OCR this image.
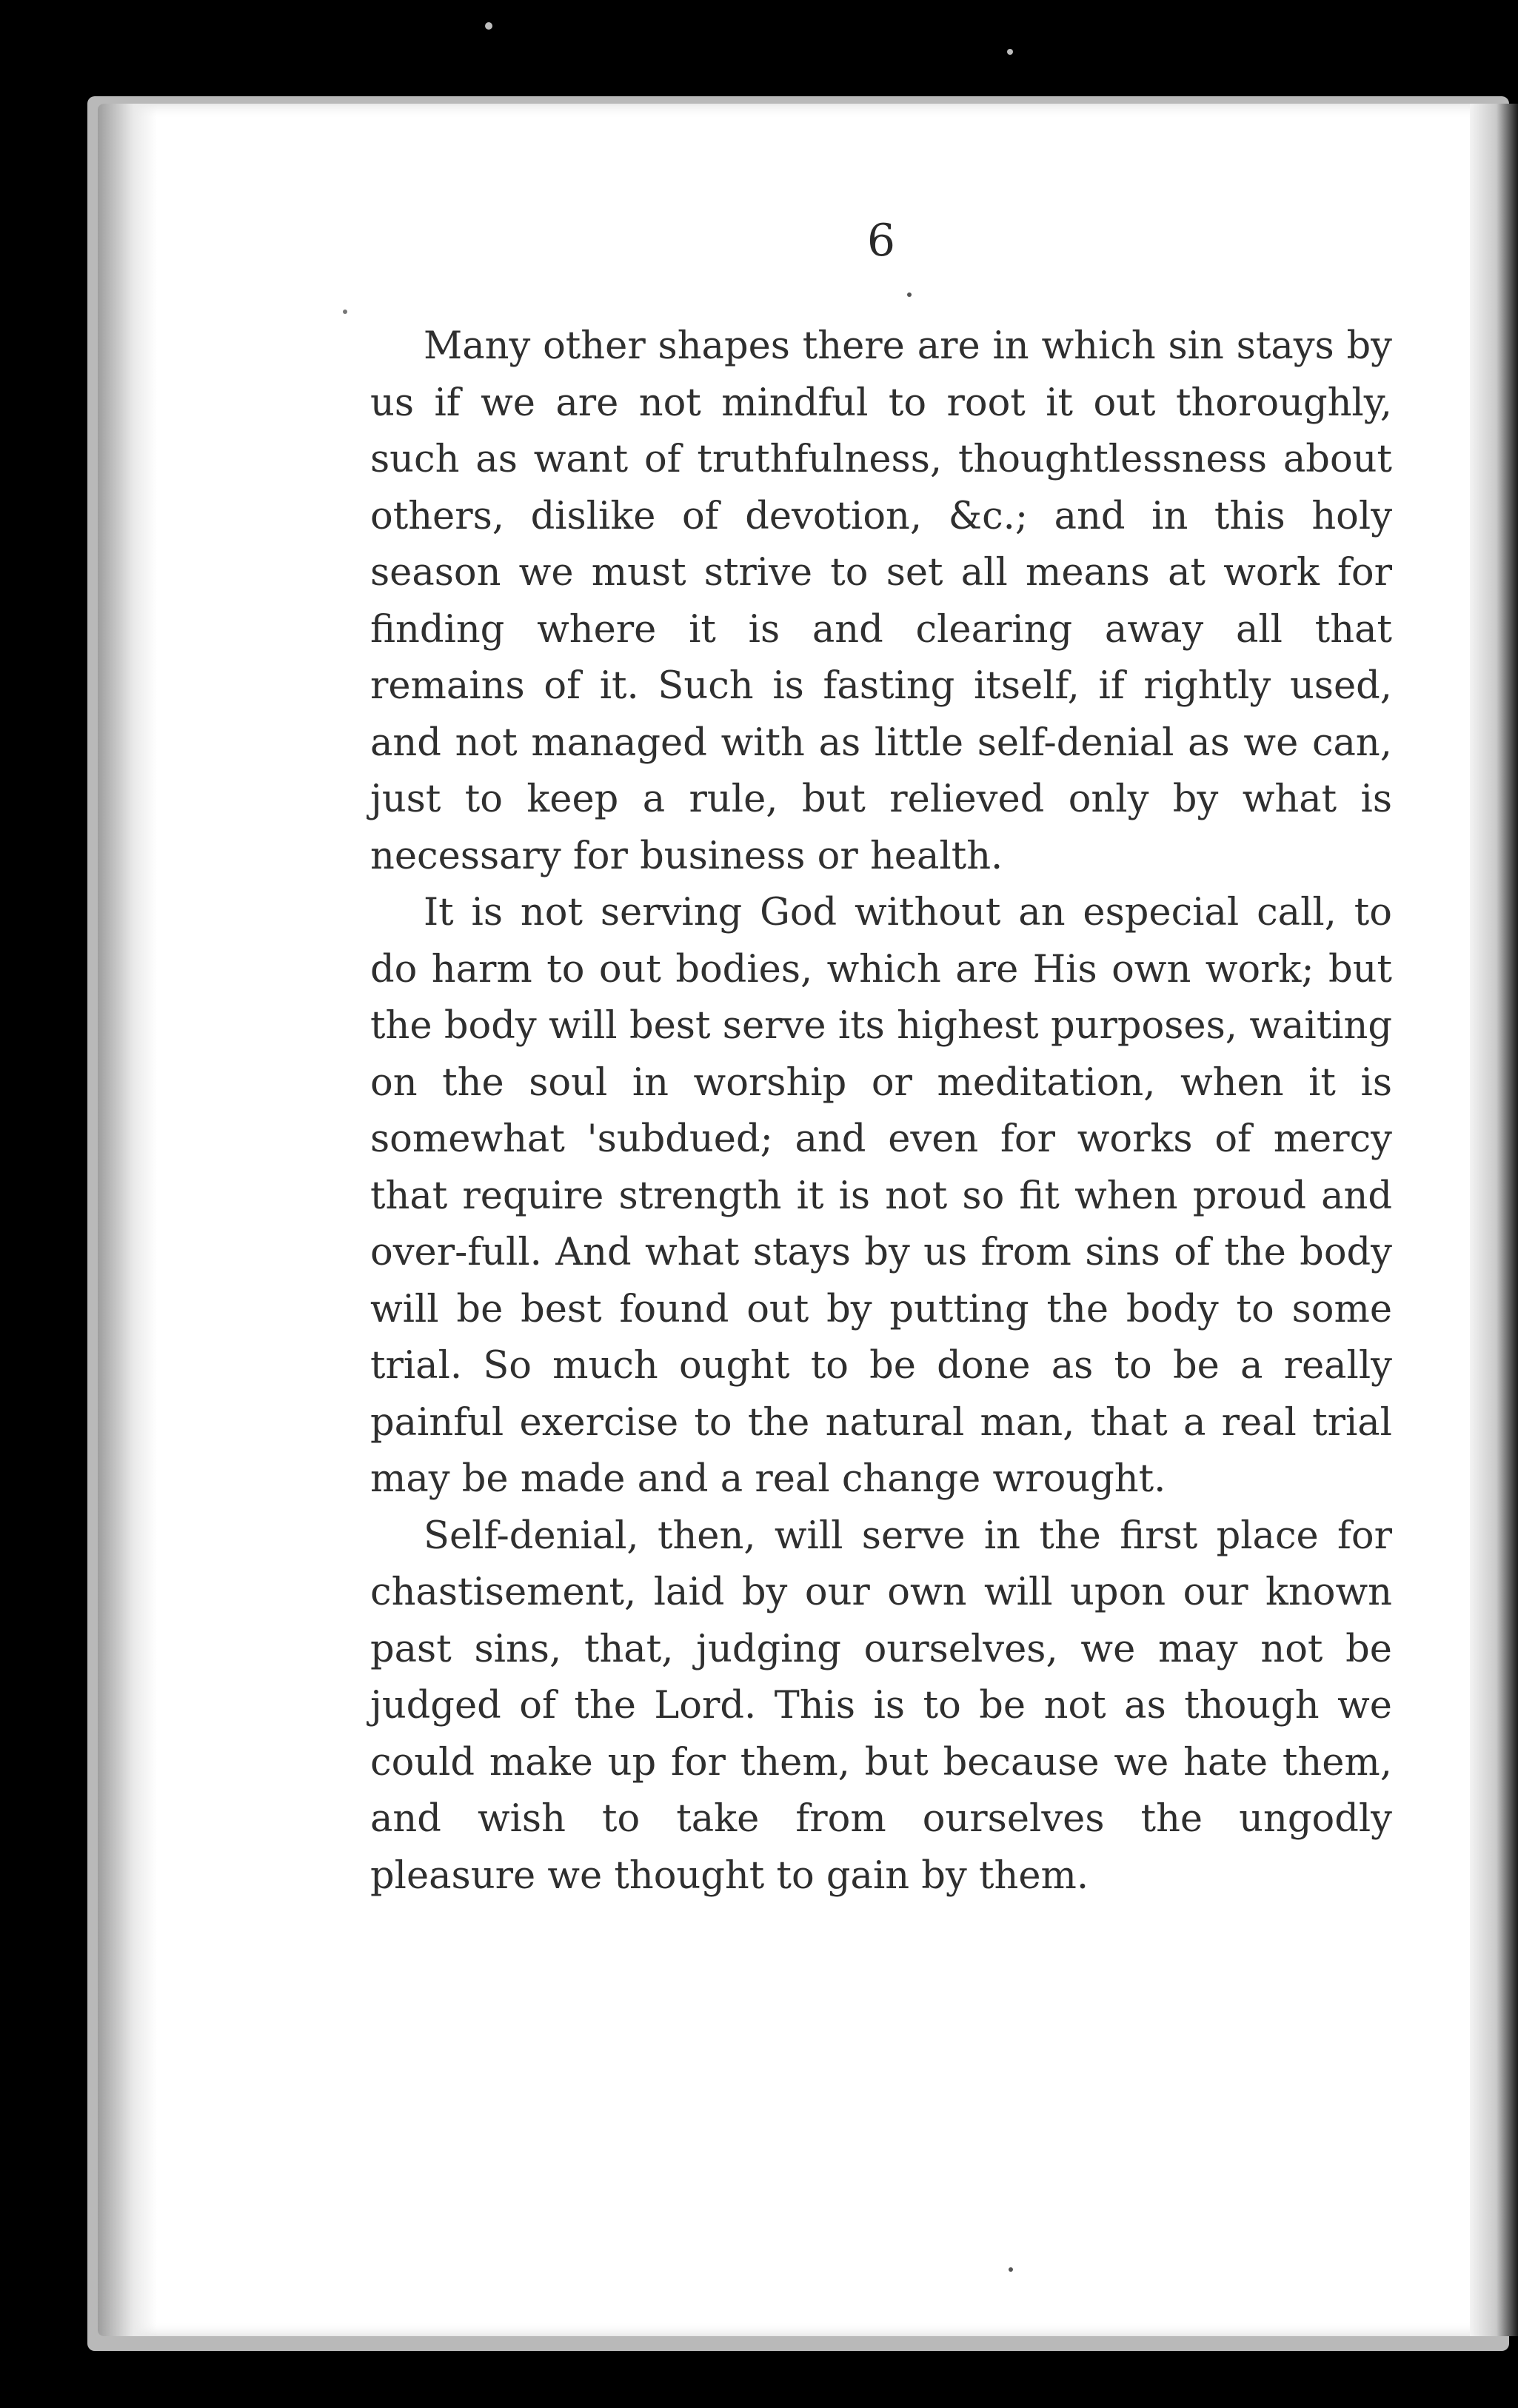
6

Many other shapes there are in which sin stays by us if we are not mindful to root it out thoroughly, such as want of truthfulness, thoughtlessness about others, dislike of devotion, &c.; and in this holy season we must strive to set all means at work for finding where it is and clearing away all that remains of it. Such is fasting itself, if rightly used, and not managed with as little self-denial as we can, just to keep a rule, but relieved only by what is necessary for business or health.

It is not serving God without an especial call, to do harm to out bodies, which are His own work; but the body will best serve its highest purposes, waiting on the soul in worship or meditation, when it is somewhat 'subdued; and even for works of mercy that require strength it is not so fit when proud and over-full. And what stays by us from sins of the body will be best found out by putting the body to some trial. So much ought to be done as to be a really painful exercise to the natural man, that a real trial may be made and a real change wrought.

Self-denial, then, will serve in the first place for chastisement, laid by our own will upon our known past sins, that, judging ourselves, we may not be judged of the Lord. This is to be not as though we could make up for them, but because we hate them, and wish to take from ourselves the ungodly pleasure we thought to gain by them.
